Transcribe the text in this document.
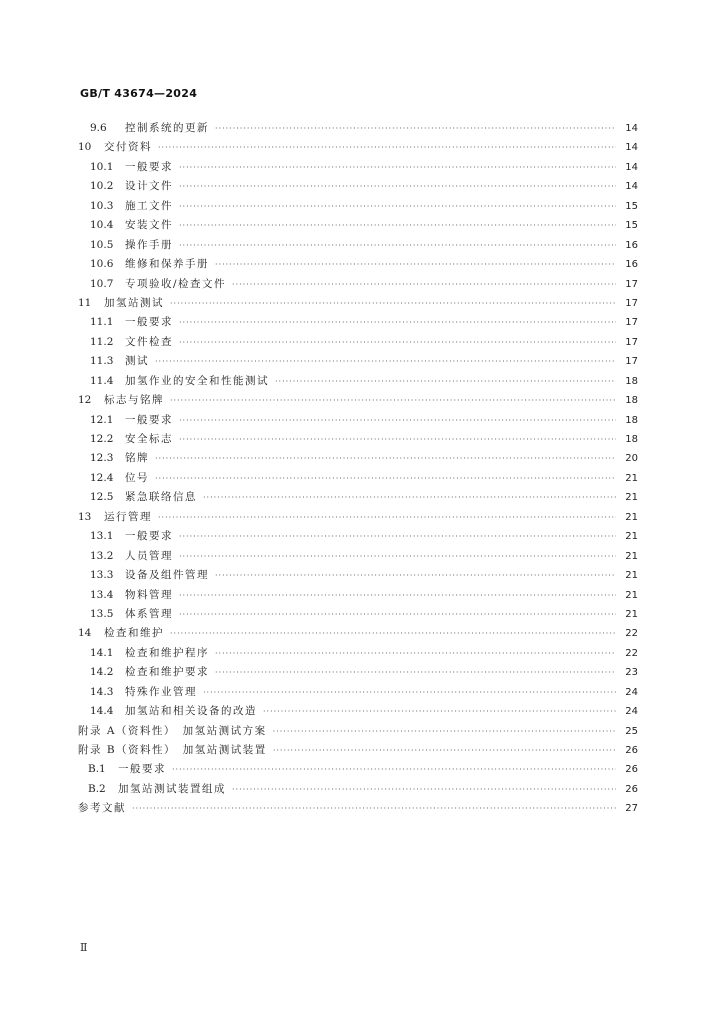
GB/T 43674—2024
9.6	控制系统的更新 ·····	14
10	交付资料 ·····	14
10.1	一般要求 ·····	14
10.2	设计文件 ·····	14
10.3	施工文件 ·····	15
10.4	安装文件 ·····	15
10.5	操作手册 ·····	16
10.6	维修和保养手册 ·····	16
10.7	专项验收/检查文件 ·····	17
11	加氢站测试 ·····	17
11.1	一般要求 ·····	17
11.2	文件检查 ·····	17
11.3	测试 ·····	17
11.4	加氢作业的安全和性能测试 ·····	18
12	标志与铭牌 ·····	18
12.1	一般要求 ·····	18
12.2	安全标志 ·····	18
12.3	铭牌 ·····	20
12.4	位号 ·····	21
12.5	紧急联络信息 ·····	21
13	运行管理 ·····	21
13.1	一般要求 ·····	21
13.2	人员管理 ·····	21
13.3	设备及组件管理 ·····	21
13.4	物料管理 ·····	21
13.5	体系管理 ·····	21
14	检查和维护 ·····	22
14.1	检查和维护程序 ·····	22
14.2	检查和维护要求 ·····	23
14.3	特殊作业管理 ·····	24
14.4	加氢站和相关设备的改造 ·····	24
附录 A（资料性）　加氢站测试方案 ·····	25
附录 B（资料性）　加氢站测试装置 ·····	26
B.1	一般要求 ·····	26
B.2	加氢站测试装置组成 ·····	26
参考文献 ·····	27
Ⅱ
